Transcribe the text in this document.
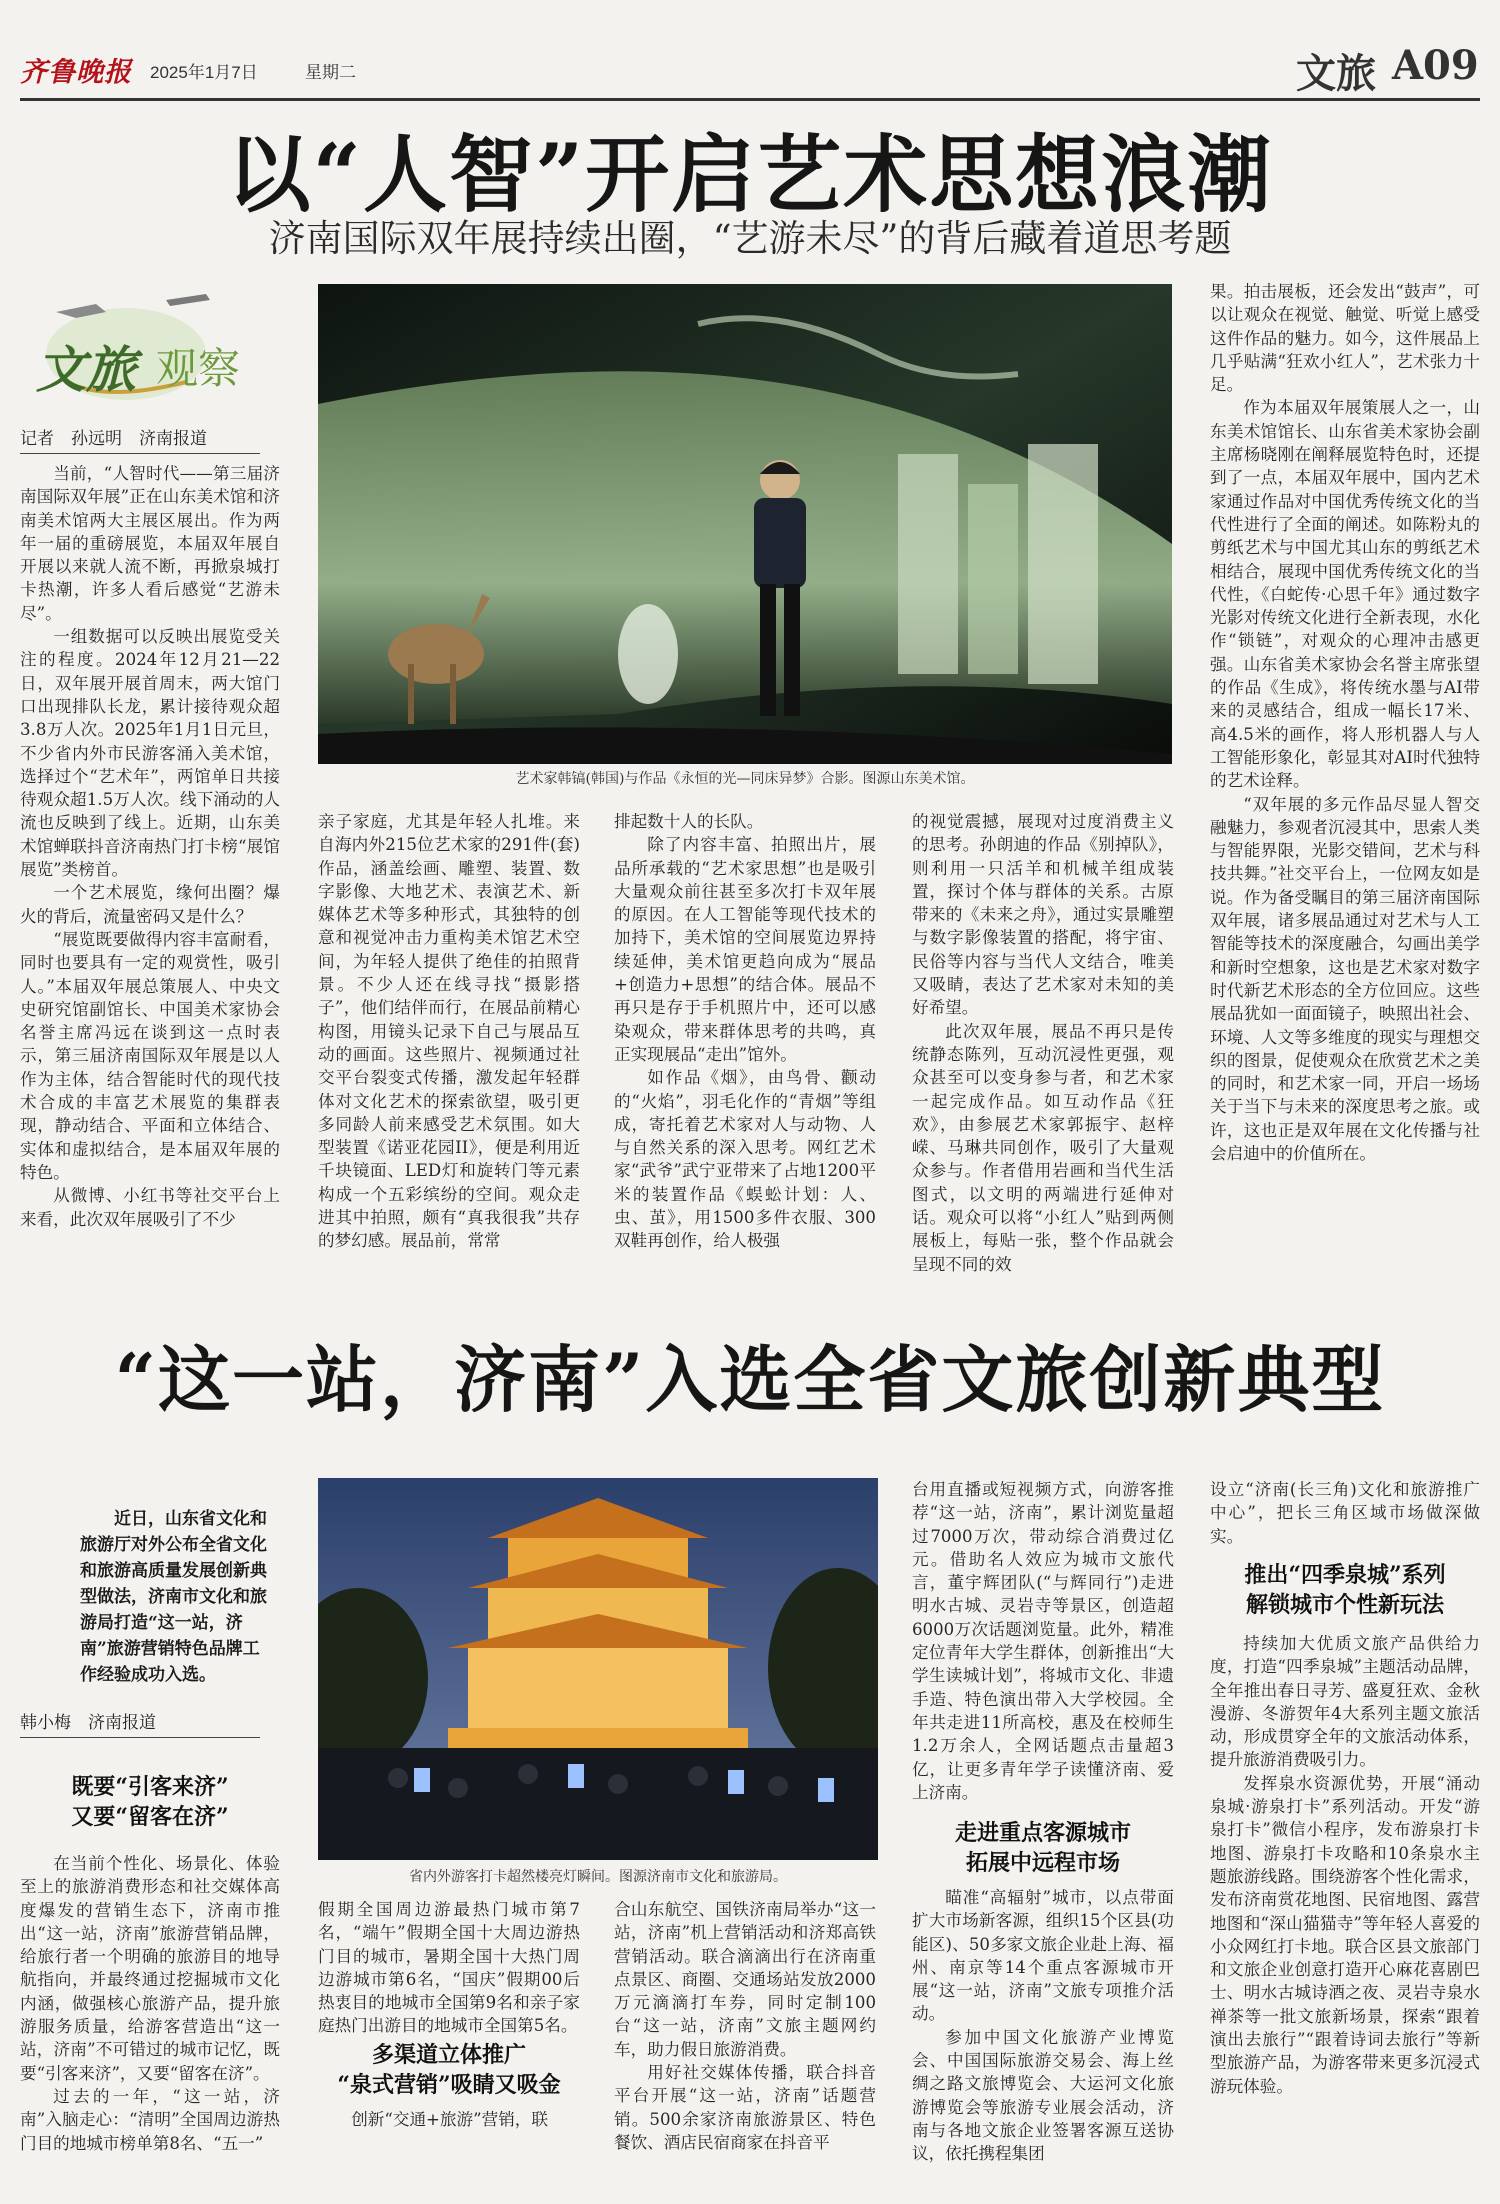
齐鲁晚报 2025年1月7日	星期二	文旅 A09
以“人智”开启艺术思想浪潮
济南国际双年展持续出圈，“艺游未尽”的背后藏着道思考题
文旅 观察
记者　孙远明　济南报道
艺术家韩镐(韩国)与作品《永恒的光—同床异梦》合影。图源山东美术馆。

当前，“人智时代——第三届济南国际双年展”正在山东美术馆和济南美术馆两大主展区展出。作为两年一届的重磅展览，本届双年展自开展以来就人流不断，再掀泉城打卡热潮，许多人看后感觉“艺游未尽”。

一组数据可以反映出展览受关注的程度。2024年12月21—22日，双年展开展首周末，两大馆门口出现排队长龙，累计接待观众超3.8万人次。2025年1月1日元旦，不少省内外市民游客涌入美术馆，选择过个“艺术年”，两馆单日共接待观众超1.5万人次。线下涌动的人流也反映到了线上。近期，山东美术馆蝉联抖音济南热门打卡榜“展馆展览”类榜首。

一个艺术展览，缘何出圈？爆火的背后，流量密码又是什么？

“展览既要做得内容丰富耐看，同时也要具有一定的观赏性，吸引人。”本届双年展总策展人、中央文史研究馆副馆长、中国美术家协会名誉主席冯远在谈到这一点时表示，第三届济南国际双年展是以人作为主体，结合智能时代的现代技术合成的丰富艺术展览的集群表现，静动结合、平面和立体结合、实体和虚拟结合，是本届双年展的特色。

从微博、小红书等社交平台上来看，此次双年展吸引了不少

亲子家庭，尤其是年轻人扎堆。来自海内外215位艺术家的291件(套)作品，涵盖绘画、雕塑、装置、数字影像、大地艺术、表演艺术、新媒体艺术等多种形式，其独特的创意和视觉冲击力重构美术馆艺术空间，为年轻人提供了绝佳的拍照背景。不少人还在线寻找“摄影搭子”，他们结伴而行，在展品前精心构图，用镜头记录下自己与展品互动的画面。这些照片、视频通过社交平台裂变式传播，激发起年轻群体对文化艺术的探索欲望，吸引更多同龄人前来感受艺术氛围。如大型装置《诺亚花园II》，便是利用近千块镜面、LED灯和旋转门等元素构成一个五彩缤纷的空间。观众走进其中拍照，颇有“真我很我”共存的梦幻感。展品前，常常

排起数十人的长队。

除了内容丰富、拍照出片，展品所承载的“艺术家思想”也是吸引大量观众前往甚至多次打卡双年展的原因。在人工智能等现代技术的加持下，美术馆的空间展览边界持续延伸，美术馆更趋向成为“展品+创造力+思想”的结合体。展品不再只是存于手机照片中，还可以感染观众，带来群体思考的共鸣，真正实现展品“走出”馆外。

如作品《烟》，由鸟骨、颧动的“火焰”，羽毛化作的“青烟”等组成，寄托着艺术家对人与动物、人与自然关系的深入思考。网红艺术家“武爷”武宁亚带来了占地1200平米的装置作品《蜈蚣计划：人、虫、茧》，用1500多件衣服、300双鞋再创作，给人极强

的视觉震撼，展现对过度消费主义的思考。孙朗迪的作品《别掉队》，则利用一只活羊和机械羊组成装置，探讨个体与群体的关系。古原带来的《未来之舟》，通过实景雕塑与数字影像装置的搭配，将宇宙、民俗等内容与当代人文结合，唯美又吸睛，表达了艺术家对未知的美好希望。

此次双年展，展品不再只是传统静态陈列，互动沉浸性更强，观众甚至可以变身参与者，和艺术家一起完成作品。如互动作品《狂欢》，由参展艺术家郭振宇、赵梓嵘、马琳共同创作，吸引了大量观众参与。作者借用岩画和当代生活图式，以文明的两端进行延伸对话。观众可以将“小红人”贴到两侧展板上，每贴一张，整个作品就会呈现不同的效

果。拍击展板，还会发出“鼓声”，可以让观众在视觉、触觉、听觉上感受这件作品的魅力。如今，这件展品上几乎贴满“狂欢小红人”，艺术张力十足。

作为本届双年展策展人之一，山东美术馆馆长、山东省美术家协会副主席杨晓刚在阐释展览特色时，还提到了一点，本届双年展中，国内艺术家通过作品对中国优秀传统文化的当代性进行了全面的阐述。如陈粉丸的剪纸艺术与中国尤其山东的剪纸艺术相结合，展现中国优秀传统文化的当代性，《白蛇传·心思千年》通过数字光影对传统文化进行全新表现，水化作“锁链”，对观众的心理冲击感更强。山东省美术家协会名誉主席张望的作品《生成》，将传统水墨与AI带来的灵感结合，组成一幅长17米、高4.5米的画作，将人形机器人与人工智能形象化，彰显其对AI时代独特的艺术诠释。

“双年展的多元作品尽显人智交融魅力，参观者沉浸其中，思索人类与智能界限，光影交错间，艺术与科技共舞。”社交平台上，一位网友如是说。作为备受瞩目的第三届济南国际双年展，诸多展品通过对艺术与人工智能等技术的深度融合，勾画出美学和新时空想象，这也是艺术家对数字时代新艺术形态的全方位回应。这些展品犹如一面面镜子，映照出社会、环境、人文等多维度的现实与理想交织的图景，促使观众在欣赏艺术之美的同时，和艺术家一同，开启一场场关于当下与未来的深度思考之旅。或许，这也正是双年展在文化传播与社会启迪中的价值所在。

“这一站，济南”入选全省文旅创新典型
近日，山东省文化和旅游厅对外公布全省文化和旅游高质量发展创新典型做法，济南市文化和旅游局打造“这一站，济南”旅游营销特色品牌工作经验成功入选。
韩小梅　济南报道
既要“引客来济”
又要“留客在济”

在当前个性化、场景化、体验至上的旅游消费形态和社交媒体高度爆发的营销生态下，济南市推出“这一站，济南”旅游营销品牌，给旅行者一个明确的旅游目的地导航指向，并最终通过挖掘城市文化内涵，做强核心旅游产品，提升旅游服务质量，给游客营造出“这一站，济南”不可错过的城市记忆，既要“引客来济”，又要“留客在济”。

过去的一年，“这一站，济南”入脑走心：“清明”全国周边游热门目的地城市榜单第8名、“五一”

省内外游客打卡超然楼亮灯瞬间。图源济南市文化和旅游局。

假期全国周边游最热门城市第7名，“端午”假期全国十大周边游热门目的城市，暑期全国十大热门周边游城市第6名，“国庆”假期00后热衷目的地城市全国第9名和亲子家庭热门出游目的地城市全国第5名。

多渠道立体推广
“泉式营销”吸睛又吸金

创新“交通+旅游”营销，联

合山东航空、国铁济南局举办“这一站，济南”机上营销活动和济郑高铁营销活动。联合滴滴出行在济南重点景区、商圈、交通场站发放2000万元滴滴打车券，同时定制100台“这一站，济南”文旅主题网约车，助力假日旅游消费。

用好社交媒体传播，联合抖音平台开展“这一站，济南”话题营销。500余家济南旅游景区、特色餐饮、酒店民宿商家在抖音平

台用直播或短视频方式，向游客推荐“这一站，济南”，累计浏览量超过7000万次，带动综合消费过亿元。借助名人效应为城市文旅代言，董宇辉团队(“与辉同行”)走进明水古城、灵岩寺等景区，创造超6000万次话题浏览量。此外，精准定位青年大学生群体，创新推出“大学生读城计划”，将城市文化、非遗手造、特色演出带入大学校园。全年共走进11所高校，惠及在校师生1.2万余人，全网话题点击量超3亿，让更多青年学子读懂济南、爱上济南。

走进重点客源城市
拓展中远程市场

瞄准“高辐射”城市，以点带面扩大市场新客源，组织15个区县(功能区)、50多家文旅企业赴上海、福州、南京等14个重点客源城市开展“这一站，济南”文旅专项推介活动。

参加中国文化旅游产业博览会、中国国际旅游交易会、海上丝绸之路文旅博览会、大运河文化旅游博览会等旅游专业展会活动，济南与各地文旅企业签署客源互送协议，依托携程集团

设立“济南(长三角)文化和旅游推广中心”，把长三角区域市场做深做实。

推出“四季泉城”系列
解锁城市个性新玩法

持续加大优质文旅产品供给力度，打造“四季泉城”主题活动品牌，全年推出春日寻芳、盛夏狂欢、金秋漫游、冬游贺年4大系列主题文旅活动，形成贯穿全年的文旅活动体系，提升旅游消费吸引力。

发挥泉水资源优势，开展“涌动泉城·游泉打卡”系列活动。开发“游泉打卡”微信小程序，发布游泉打卡地图、游泉打卡攻略和10条泉水主题旅游线路。围绕游客个性化需求，发布济南赏花地图、民宿地图、露营地图和“深山猫猫寺”等年轻人喜爱的小众网红打卡地。联合区县文旅部门和文旅企业创意打造开心麻花喜剧巴士、明水古城诗酒之夜、灵岩寺泉水禅茶等一批文旅新场景，探索“跟着演出去旅行”“跟着诗词去旅行”等新型旅游产品，为游客带来更多沉浸式游玩体验。
